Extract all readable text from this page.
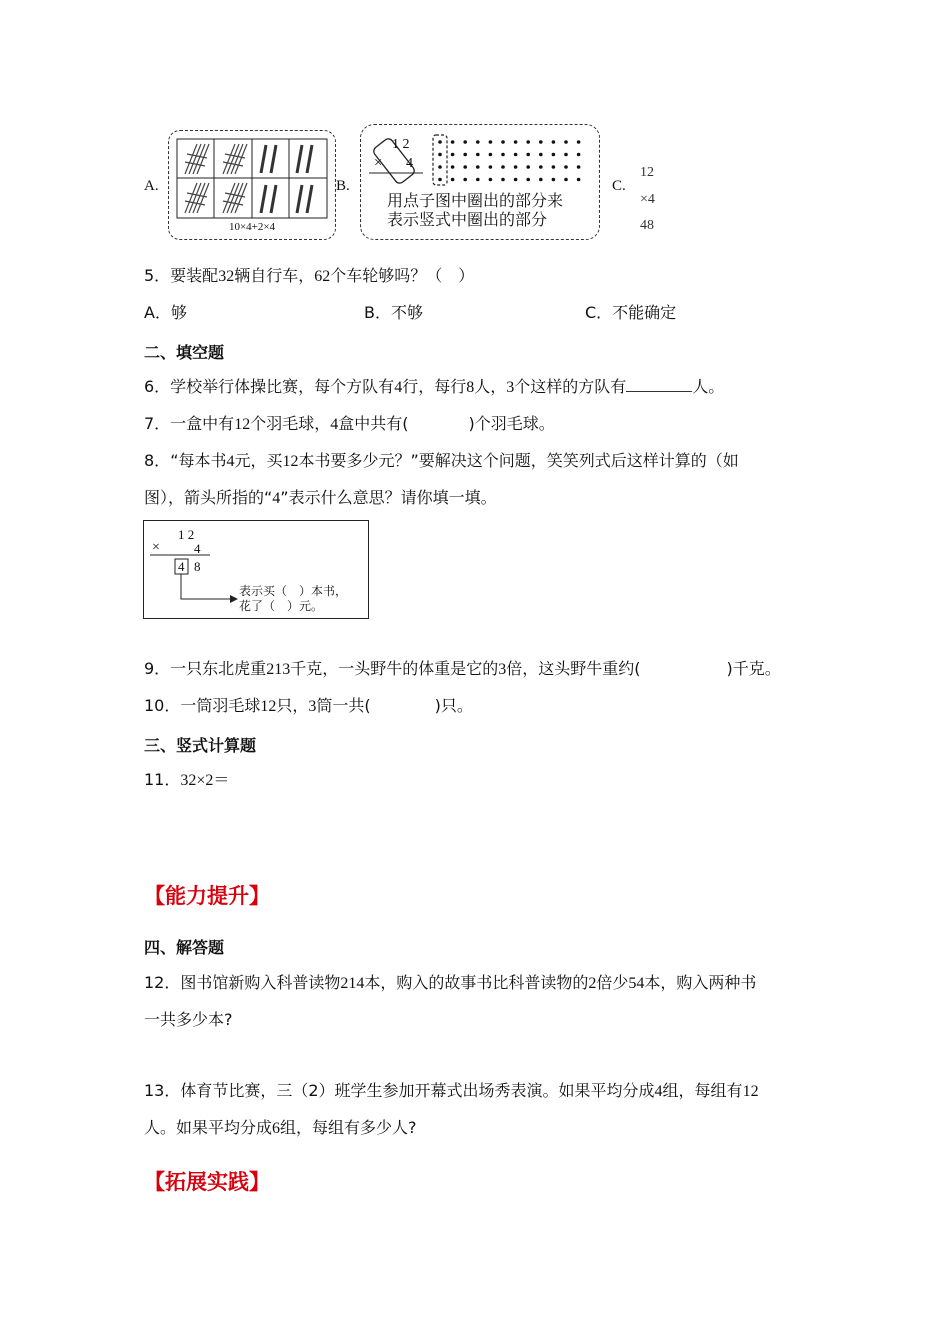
A.
10×4+2×4
B.
1 2
× 4
用点子图中圈出的部分来
表示竖式中圈出的部分
C.
12
×4
48
5．要装配32辆自行车，62个车轮够吗？（　）
A．够	B．不够	C．不能确定
二、填空题
6．学校举行体操比赛，每个方队有4行，每行8人，3个这样的方队有	人。
7．一盒中有12个羽毛球，4盒中共有(	)个羽毛球。
8．“每本书4元，买12本书要多少元？”要解决这个问题，笑笑列式后这样计算的（如
图），箭头所指的“4”表示什么意思？请你填一填。
1 2
×	4
4 8
表示买（　）本书，
花了（　）元。
9．一只东北虎重213千克，一头野牛的体重是它的3倍，这头野牛重约(	)千克。
10．一筒羽毛球12只，3筒一共(	)只。
三、竖式计算题
11．32×2＝
【能力提升】
四、解答题
12．图书馆新购入科普读物214本，购入的故事书比科普读物的2倍少54本，购入两种书
一共多少本?
13．体育节比赛，三（2）班学生参加开幕式出场秀表演。如果平均分成4组，每组有12
人。如果平均分成6组，每组有多少人?
【拓展实践】
